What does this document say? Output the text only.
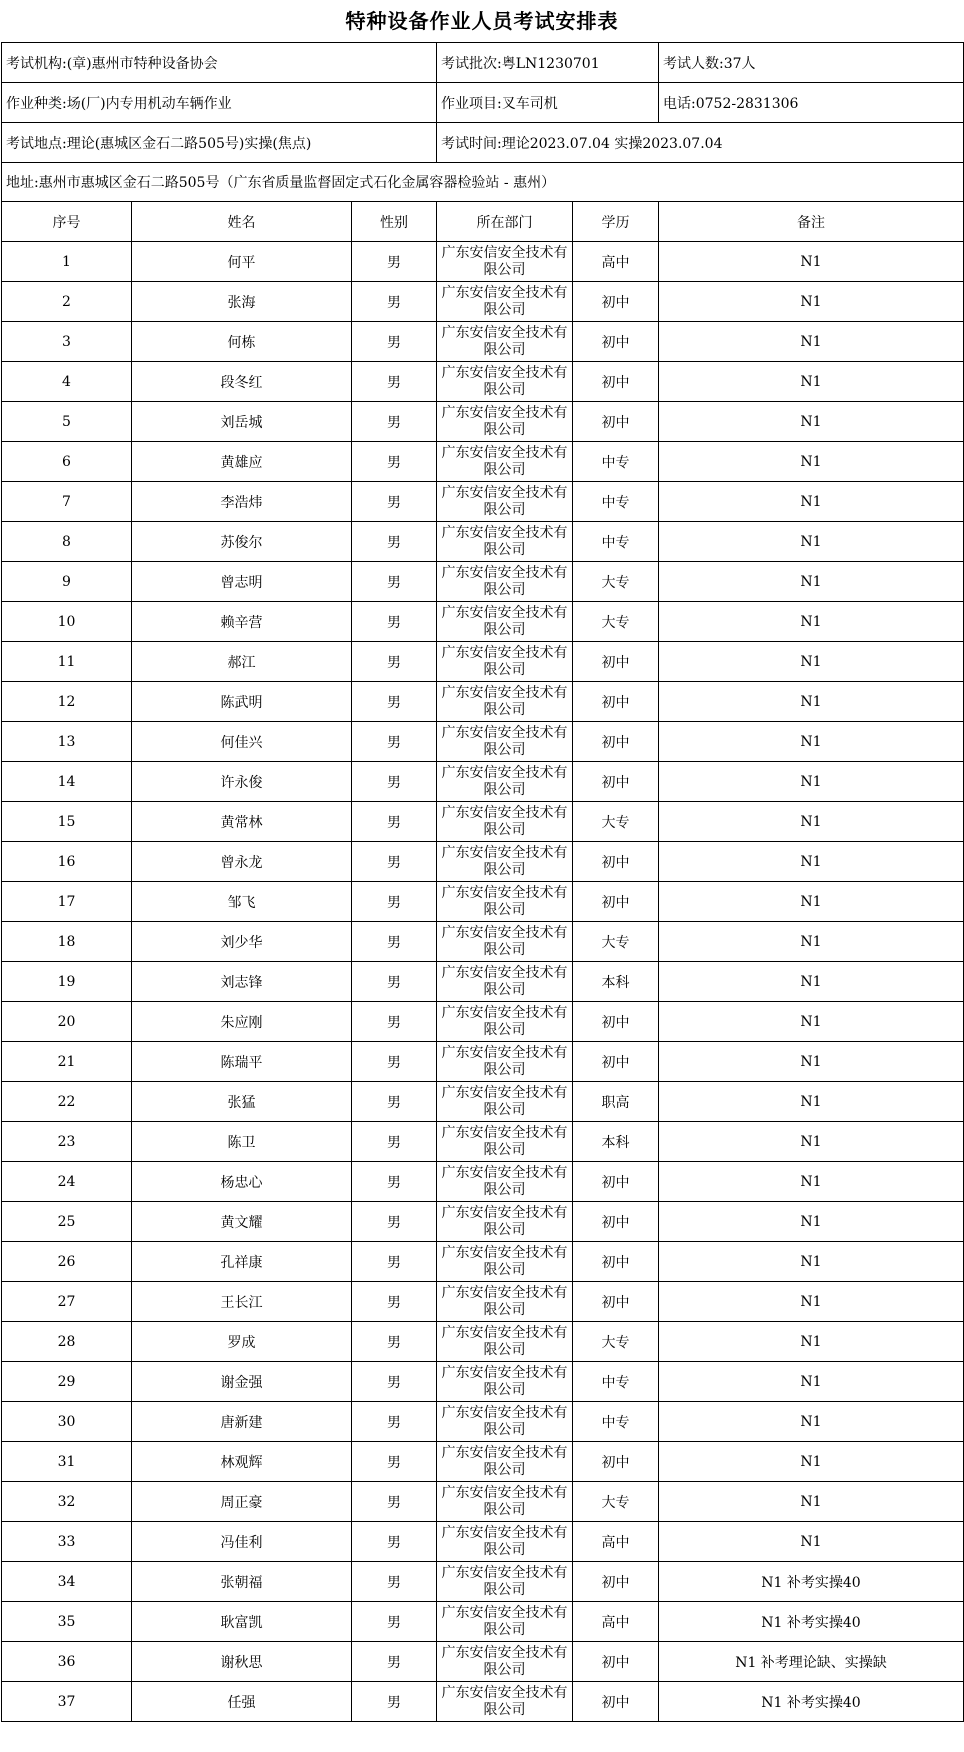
特种设备作业人员考试安排表
考试机构:(章)惠州市特种设备协会			考试批次:粤LN1230701		考试人数:37人
作业种类:场(厂)内专用机动车辆作业			作业项目:叉车司机		电话:0752-2831306
考试地点:理论(惠城区金石二路505号)实操(焦点)			考试时间:理论2023.07.04 实操2023.07.04		
地址:惠州市惠城区金石二路505号（广东省质量监督固定式石化金属容器检验站 - 惠州）					
序号	姓名	性别	所在部门	学历	备注
1	何平	男	广东安信安全技术有限公司	高中	N1
2	张海	男	广东安信安全技术有限公司	初中	N1
3	何栋	男	广东安信安全技术有限公司	初中	N1
4	段冬红	男	广东安信安全技术有限公司	初中	N1
5	刘岳城	男	广东安信安全技术有限公司	初中	N1
6	黄雄应	男	广东安信安全技术有限公司	中专	N1
7	李浩炜	男	广东安信安全技术有限公司	中专	N1
8	苏俊尔	男	广东安信安全技术有限公司	中专	N1
9	曾志明	男	广东安信安全技术有限公司	大专	N1
10	赖辛营	男	广东安信安全技术有限公司	大专	N1
11	郝江	男	广东安信安全技术有限公司	初中	N1
12	陈武明	男	广东安信安全技术有限公司	初中	N1
13	何佳兴	男	广东安信安全技术有限公司	初中	N1
14	许永俊	男	广东安信安全技术有限公司	初中	N1
15	黄常林	男	广东安信安全技术有限公司	大专	N1
16	曾永龙	男	广东安信安全技术有限公司	初中	N1
17	邹飞	男	广东安信安全技术有限公司	初中	N1
18	刘少华	男	广东安信安全技术有限公司	大专	N1
19	刘志锋	男	广东安信安全技术有限公司	本科	N1
20	朱应刚	男	广东安信安全技术有限公司	初中	N1
21	陈瑞平	男	广东安信安全技术有限公司	初中	N1
22	张猛	男	广东安信安全技术有限公司	职高	N1
23	陈卫	男	广东安信安全技术有限公司	本科	N1
24	杨忠心	男	广东安信安全技术有限公司	初中	N1
25	黄文耀	男	广东安信安全技术有限公司	初中	N1
26	孔祥康	男	广东安信安全技术有限公司	初中	N1
27	王长江	男	广东安信安全技术有限公司	初中	N1
28	罗成	男	广东安信安全技术有限公司	大专	N1
29	谢金强	男	广东安信安全技术有限公司	中专	N1
30	唐新建	男	广东安信安全技术有限公司	中专	N1
31	林观辉	男	广东安信安全技术有限公司	初中	N1
32	周正豪	男	广东安信安全技术有限公司	大专	N1
33	冯佳利	男	广东安信安全技术有限公司	高中	N1
34	张朝福	男	广东安信安全技术有限公司	初中	N1 补考实操40
35	耿富凯	男	广东安信安全技术有限公司	高中	N1 补考实操40
36	谢秋思	男	广东安信安全技术有限公司	初中	N1 补考理论缺、实操缺
37	任强	男	广东安信安全技术有限公司	初中	N1 补考实操40
